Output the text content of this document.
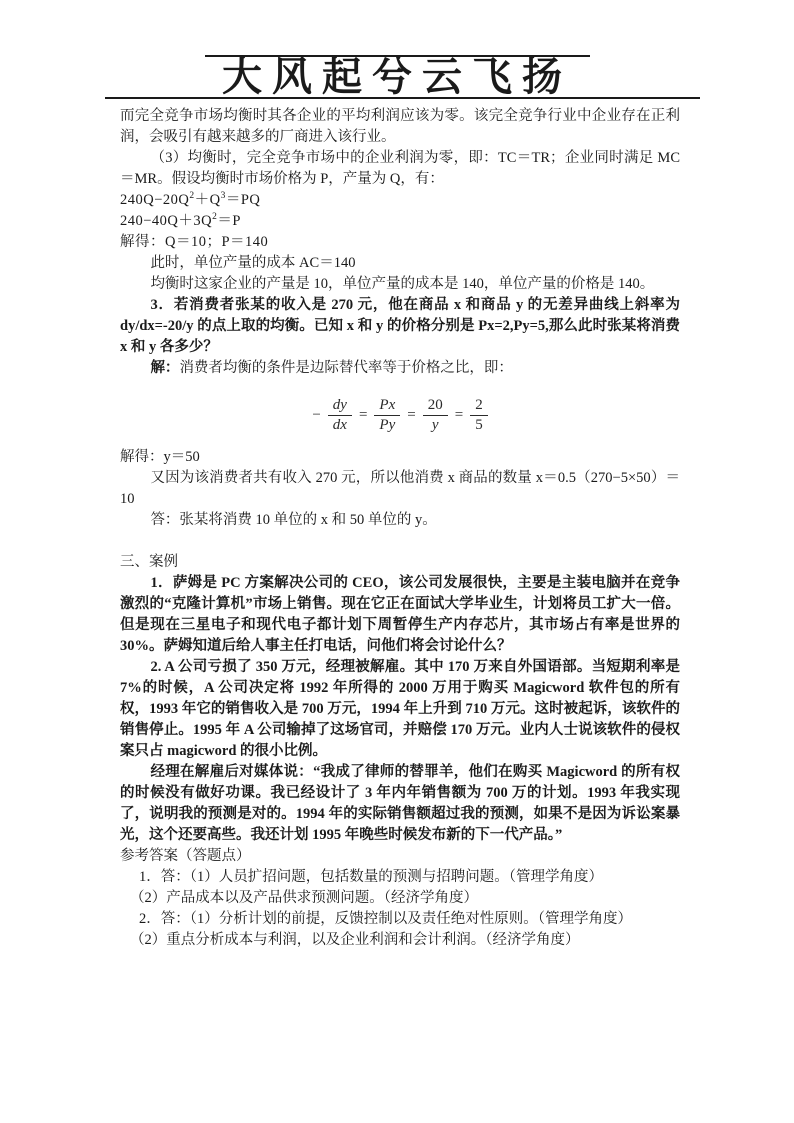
大风起兮云飞扬

而完全竞争市场均衡时其各企业的平均利润应该为零。该完全竞争行业中企业存在正利润，会吸引有越来越多的厂商进入该行业。

（3）均衡时，完全竞争市场中的企业利润为零，即：TC＝TR；企业同时满足 MC＝MR。假设均衡时市场价格为 P，产量为 Q，有：

$240Q-20Q^2+Q^3=PQ$

$240-40Q+3Q^2=P$

解得：Q＝10；P＝140

此时，单位产量的成本 AC＝140

均衡时这家企业的产量是 10，单位产量的成本是 140，单位产量的价格是 140。

3．若消费者张某的收入是 270 元，他在商品 x 和商品 y 的无差异曲线上斜率为 dy/dx=-20/y 的点上取的均衡。已知 x 和 y 的价格分别是 Px=2,Py=5,那么此时张某将消费 x 和 y 各多少？

解：消费者均衡的条件是边际替代率等于价格之比，即：

− $\frac{dy}{dx} = \frac{Px}{Py} = \frac{20}{y} = \frac{2}{5}$

解得：y＝50

又因为该消费者共有收入 270 元，所以他消费 x 商品的数量 x＝0.5（270−5×50）＝10

答：张某将消费 10 单位的 x 和 50 单位的 y。

三、案例

1．萨姆是 PC 方案解决公司的 CEO，该公司发展很快，主要是主装电脑并在竞争激烈的“克隆计算机”市场上销售。现在它正在面试大学毕业生，计划将员工扩大一倍。但是现在三星电子和现代电子都计划下周暂停生产内存芯片，其市场占有率是世界的 30%。萨姆知道后给人事主任打电话，问他们将会讨论什么？

2. A 公司亏损了 350 万元，经理被解雇。其中 170 万来自外国语部。当短期利率是 7%的时候，A 公司决定将 1992 年所得的 2000 万用于购买 Magicword 软件包的所有权，1993 年它的销售收入是 700 万元，1994 年上升到 710 万元。这时被起诉，该软件的销售停止。1995 年 A 公司输掉了这场官司，并赔偿 170 万元。业内人士说该软件的侵权案只占 magicword 的很小比例。

经理在解雇后对媒体说：“我成了律师的替罪羊，他们在购买 Magicword 的所有权的时候没有做好功课。我已经设计了 3 年内年销售额为 700 万的计划。1993 年我实现了，说明我的预测是对的。1994 年的实际销售额超过我的预测，如果不是因为诉讼案暴光，这个还要高些。我还计划 1995 年晚些时候发布新的下一代产品。”

参考答案（答题点）

1．答：（1）人员扩招问题，包括数量的预测与招聘问题。（管理学角度）

（2）产品成本以及产品供求预测问题。（经济学角度）

2．答：（1）分析计划的前提，反馈控制以及责任绝对性原则。（管理学角度）

（2）重点分析成本与利润，以及企业利润和会计利润。（经济学角度）
